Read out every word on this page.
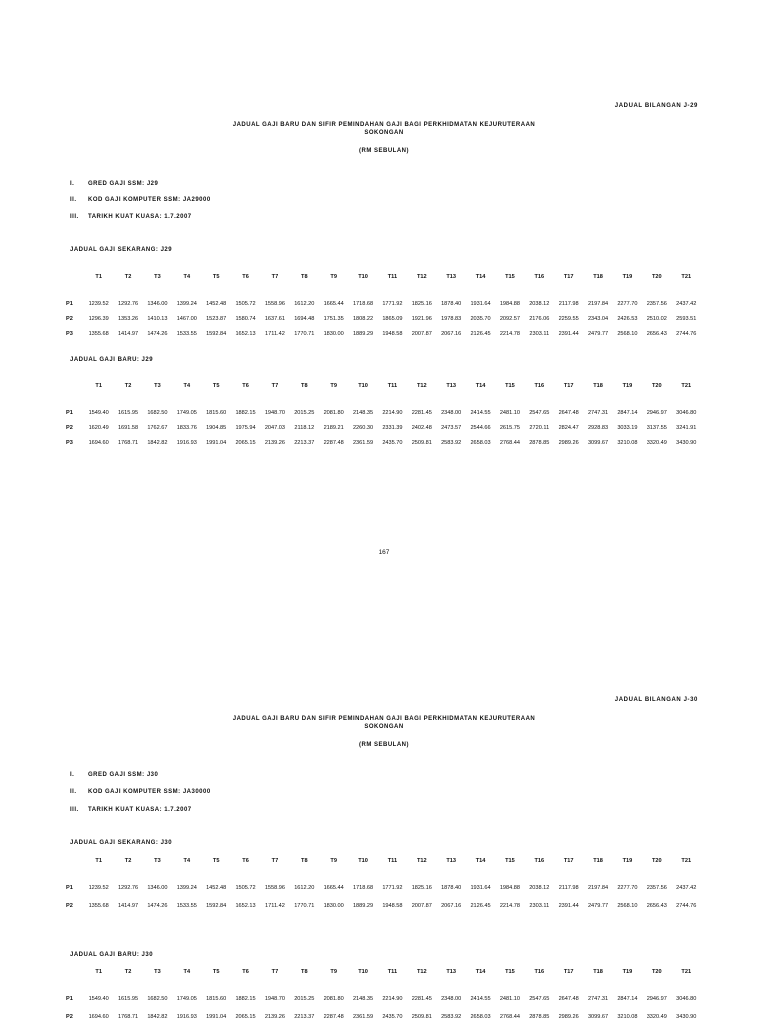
JADUAL BILANGAN J-29
JADUAL GAJI BARU DAN SIFIR PEMINDAHAN GAJI BAGI PERKHIDMATAN KEJURUTERAAN
SOKONGAN
(RM SEBULAN)
I. GRED GAJI SSM: J29
II. KOD GAJI KOMPUTER SSM: JA29000
III. TARIKH KUAT KUASA: 1.7.2007
JADUAL GAJI SEKARANG: J29
	T1	T2	T3	T4	T5	T6	T7	T8	T9	T10	T11	T12	T13	T14	T15	T16	T17	T18	T19	T20	T21
P1	1239.52	1292.76	1346.00	1399.24	1452.48	1505.72	1558.96	1612.20	1665.44	1718.68	1771.92	1825.16	1878.40	1931.64	1984.88	2038.12	2117.98	2197.84	2277.70	2357.56	2437.42
P2	1296.39	1353.26	1410.13	1467.00	1523.87	1580.74	1637.61	1694.48	1751.35	1808.22	1865.09	1921.96	1978.83	2035.70	2092.57	2176.06	2259.55	2343.04	2426.53	2510.02	2593.51
P3	1355.68	1414.97	1474.26	1533.55	1592.84	1652.13	1711.42	1770.71	1830.00	1889.29	1948.58	2007.87	2067.16	2126.45	2214.78	2303.11	2391.44	2479.77	2568.10	2656.43	2744.76
JADUAL GAJI BARU: J29
	T1	T2	T3	T4	T5	T6	T7	T8	T9	T10	T11	T12	T13	T14	T15	T16	T17	T18	T19	T20	T21
P1	1549.40	1615.95	1682.50	1749.05	1815.60	1882.15	1948.70	2015.25	2081.80	2148.35	2214.90	2281.45	2348.00	2414.55	2481.10	2547.65	2647.48	2747.31	2847.14	2946.97	3046.80
P2	1620.49	1691.58	1762.67	1833.76	1904.85	1975.94	2047.03	2118.12	2189.21	2260.30	2331.39	2402.48	2473.57	2544.66	2615.75	2720.11	2824.47	2928.83	3033.19	3137.55	3241.91
P3	1694.60	1768.71	1842.82	1916.93	1991.04	2065.15	2139.26	2213.37	2287.48	2361.59	2435.70	2509.81	2583.92	2658.03	2768.44	2878.85	2989.26	3099.67	3210.08	3320.49	3430.90
167
JADUAL BILANGAN J-30
JADUAL GAJI BARU DAN SIFIR PEMINDAHAN GAJI BAGI PERKHIDMATAN KEJURUTERAAN
SOKONGAN
(RM SEBULAN)
I. GRED GAJI SSM: J30
II. KOD GAJI KOMPUTER SSM: JA30000
III. TARIKH KUAT KUASA: 1.7.2007
JADUAL GAJI SEKARANG: J30
	T1	T2	T3	T4	T5	T6	T7	T8	T9	T10	T11	T12	T13	T14	T15	T16	T17	T18	T19	T20	T21
P1	1239.52	1292.76	1346.00	1399.24	1452.48	1505.72	1558.96	1612.20	1665.44	1718.68	1771.92	1825.16	1878.40	1931.64	1984.88	2038.12	2117.98	2197.84	2277.70	2357.56	2437.42
P2	1355.68	1414.97	1474.26	1533.55	1592.84	1652.13	1711.42	1770.71	1830.00	1889.29	1948.58	2007.87	2067.16	2126.45	2214.78	2303.11	2391.44	2479.77	2568.10	2656.43	2744.76
JADUAL GAJI BARU: J30
	T1	T2	T3	T4	T5	T6	T7	T8	T9	T10	T11	T12	T13	T14	T15	T16	T17	T18	T19	T20	T21
P1	1549.40	1615.95	1682.50	1749.05	1815.60	1882.15	1948.70	2015.25	2081.80	2148.35	2214.90	2281.45	2348.00	2414.55	2481.10	2547.65	2647.48	2747.31	2847.14	2946.97	3046.80
P2	1694.60	1768.71	1842.82	1916.93	1991.04	2065.15	2139.26	2213.37	2287.48	2361.59	2435.70	2509.81	2583.92	2658.03	2768.44	2878.85	2989.26	3099.67	3210.08	3320.49	3430.90
